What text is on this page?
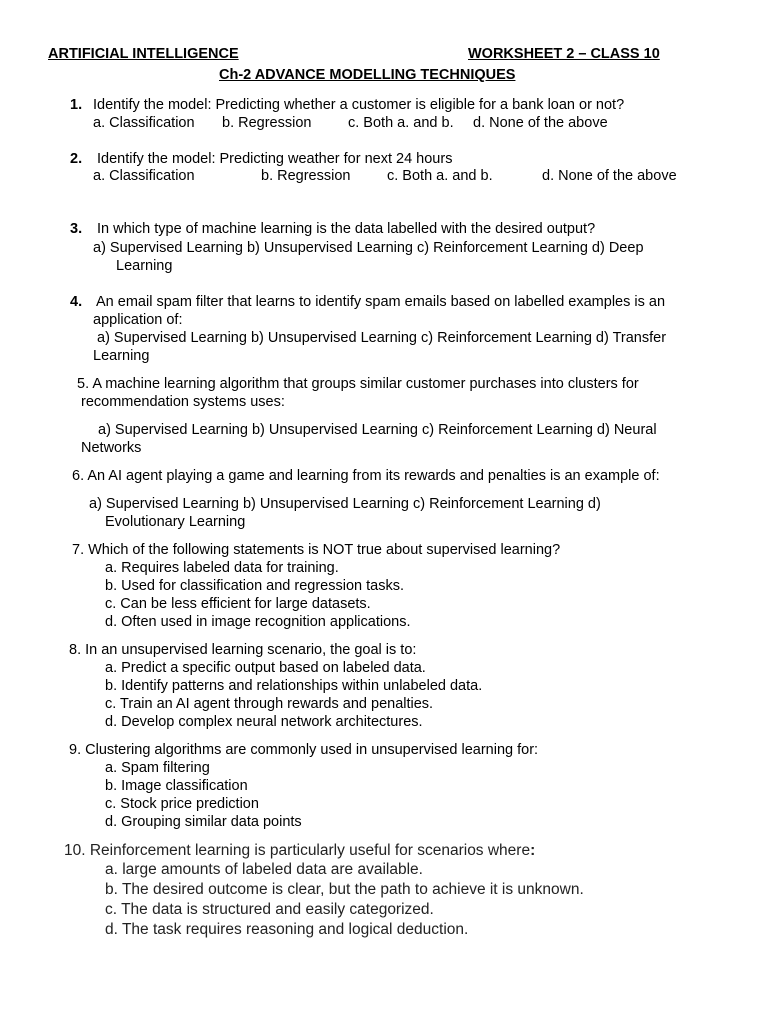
ARTIFICIAL INTELLIGENCE	WORKSHEET 2 – CLASS 10
Ch-2 ADVANCE MODELLING TECHNIQUES
1. Identify the model: Predicting whether a customer is eligible for a bank loan or not?
a. Classification b. Regression	c. Both a. and b. d. None of the above
2. Identify the model: Predicting weather for next 24 hours
a. Classification	b. Regression	c. Both a. and b.	d. None of the above
3. In which type of machine learning is the data labelled with the desired output?
a) Supervised Learning b) Unsupervised Learning c) Reinforcement Learning d) Deep
Learning
4. An email spam filter that learns to identify spam emails based on labelled examples is an
application of:
a) Supervised Learning b) Unsupervised Learning c) Reinforcement Learning d) Transfer
Learning
5. A machine learning algorithm that groups similar customer purchases into clusters for
recommendation systems uses:
a) Supervised Learning b) Unsupervised Learning c) Reinforcement Learning d) Neural
Networks
6. An AI agent playing a game and learning from its rewards and penalties is an example of:
a) Supervised Learning b) Unsupervised Learning c) Reinforcement Learning d)
Evolutionary Learning
7. Which of the following statements is NOT true about supervised learning?
a. Requires labeled data for training.
b. Used for classification and regression tasks.
c. Can be less efficient for large datasets.
d. Often used in image recognition applications.
8. In an unsupervised learning scenario, the goal is to:
a. Predict a specific output based on labeled data.
b. Identify patterns and relationships within unlabeled data.
c. Train an AI agent through rewards and penalties.
d. Develop complex neural network architectures.
9. Clustering algorithms are commonly used in unsupervised learning for:
a. Spam filtering
b. Image classification
c. Stock price prediction
d. Grouping similar data points
10. Reinforcement learning is particularly useful for scenarios where:
a. large amounts of labeled data are available.
b. The desired outcome is clear, but the path to achieve it is unknown.
c. The data is structured and easily categorized.
d. The task requires reasoning and logical deduction.
